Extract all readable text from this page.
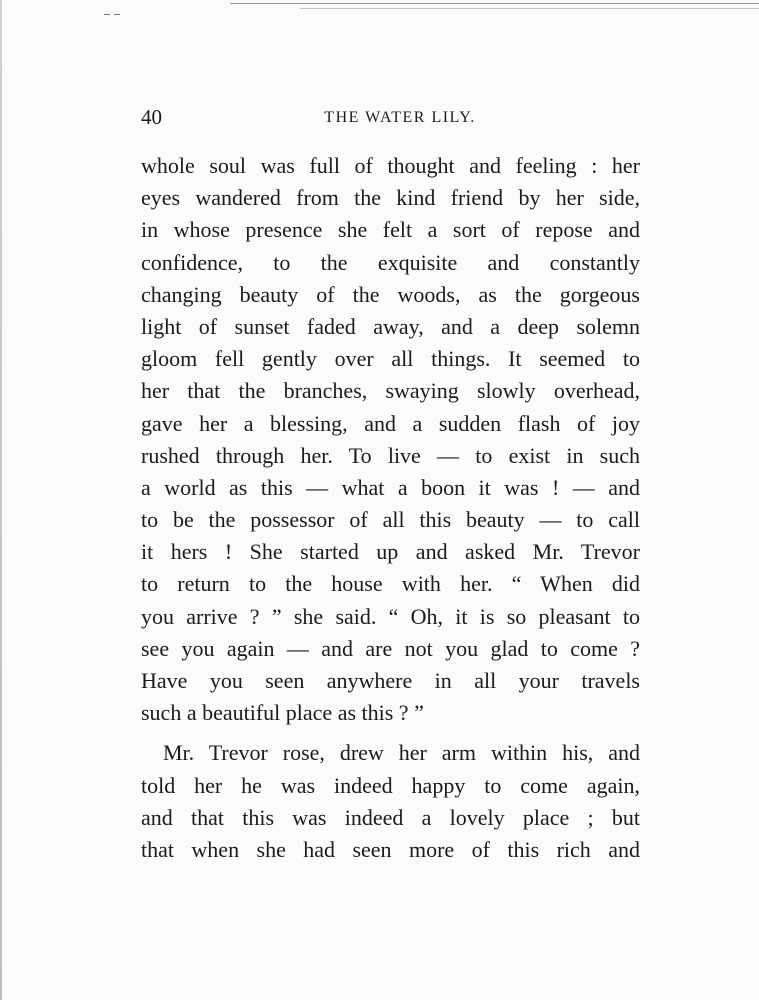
40	THE WATER LILY.
whole soul was full of thought and feeling : her
eyes wandered from the kind friend by her side,
in whose presence she felt a sort of repose and
confidence, to the exquisite and constantly
changing beauty of the woods, as the gorgeous
light of sunset faded away, and a deep solemn
gloom fell gently over all things. It seemed to
her that the branches, swaying slowly overhead,
gave her a blessing, and a sudden flash of joy
rushed through her. To live — to exist in such
a world as this — what a boon it was ! — and
to be the possessor of all this beauty — to call
it hers ! She started up and asked Mr. Trevor
to return to the house with her. “ When did
you arrive ? ” she said. “ Oh, it is so pleasant to
see you again — and are not you glad to come ?
Have you seen anywhere in all your travels
such a beautiful place as this ? ”
Mr. Trevor rose, drew her arm within his, and
told her he was indeed happy to come again,
and that this was indeed a lovely place ; but
that when she had seen more of this rich and
